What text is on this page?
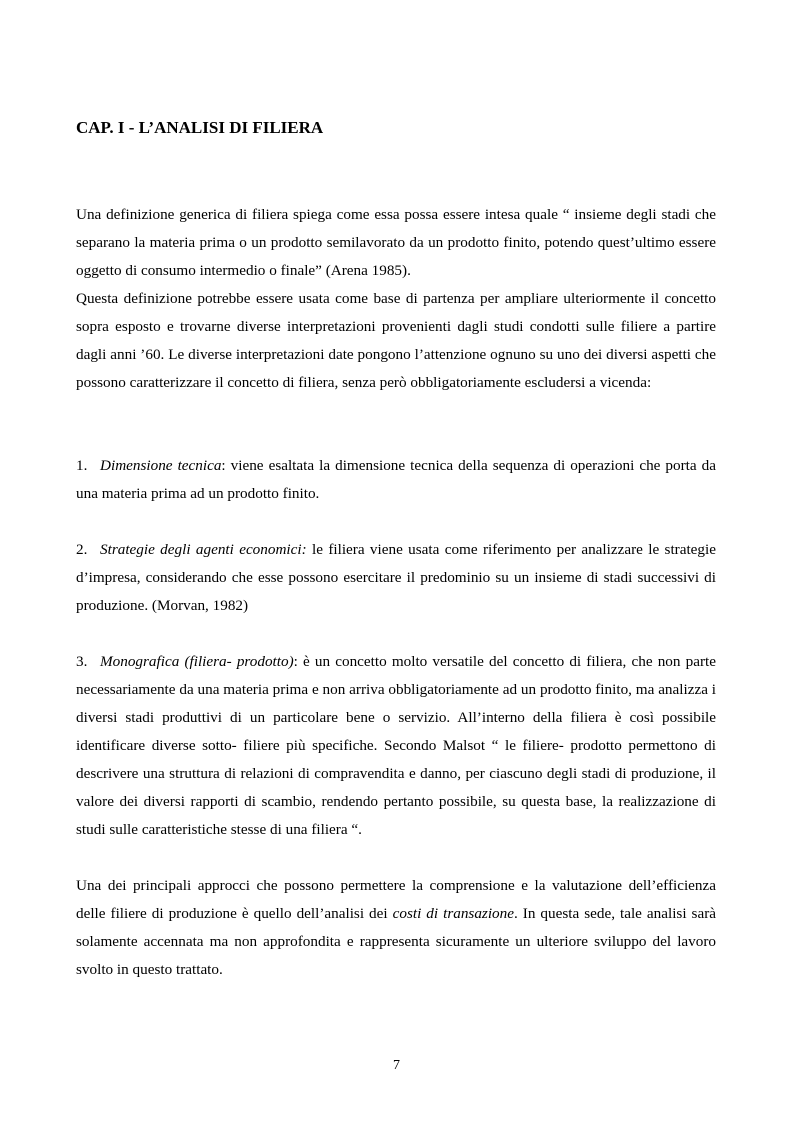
CAP. I - L’ANALISI DI FILIERA
Una definizione generica di filiera spiega come essa possa essere intesa quale “ insieme degli stadi che separano la materia prima o un prodotto semilavorato da un prodotto finito, potendo quest’ultimo essere oggetto di consumo intermedio o finale” (Arena 1985).
Questa definizione potrebbe essere usata come base di partenza per ampliare ulteriormente il concetto sopra esposto e trovarne diverse interpretazioni provenienti dagli studi condotti sulle filiere a partire dagli anni ’60. Le diverse interpretazioni date pongono l’attenzione ognuno su uno dei diversi aspetti che possono caratterizzare il concetto di filiera, senza però obbligatoriamente escludersi a vicenda:
1. Dimensione tecnica: viene esaltata la dimensione tecnica della sequenza di operazioni che porta da una materia prima ad un prodotto finito.
2. Strategie degli agenti economici: le filiera viene usata come riferimento per analizzare le strategie d’impresa, considerando che esse possono esercitare il predominio su un insieme di stadi successivi di produzione. (Morvan, 1982)
3. Monografica (filiera- prodotto): è un concetto molto versatile del concetto di filiera, che non parte necessariamente da una materia prima e non arriva obbligatoriamente ad un prodotto finito, ma analizza i diversi stadi produttivi di un particolare bene o servizio. All’interno della filiera è così possibile identificare diverse sotto- filiere più specifiche. Secondo Malsot “ le filiere- prodotto permettono di descrivere una struttura di relazioni di compravendita e danno, per ciascuno degli stadi di produzione, il valore dei diversi rapporti di scambio, rendendo pertanto possibile, su questa base, la realizzazione di studi sulle caratteristiche stesse di una filiera “.
Una dei principali approcci che possono permettere la comprensione e la valutazione dell’efficienza delle filiere di produzione è quello dell’analisi dei costi di transazione. In questa sede, tale analisi sarà solamente accennata ma non approfondita e rappresenta sicuramente un ulteriore sviluppo del lavoro svolto in questo trattato.
7
